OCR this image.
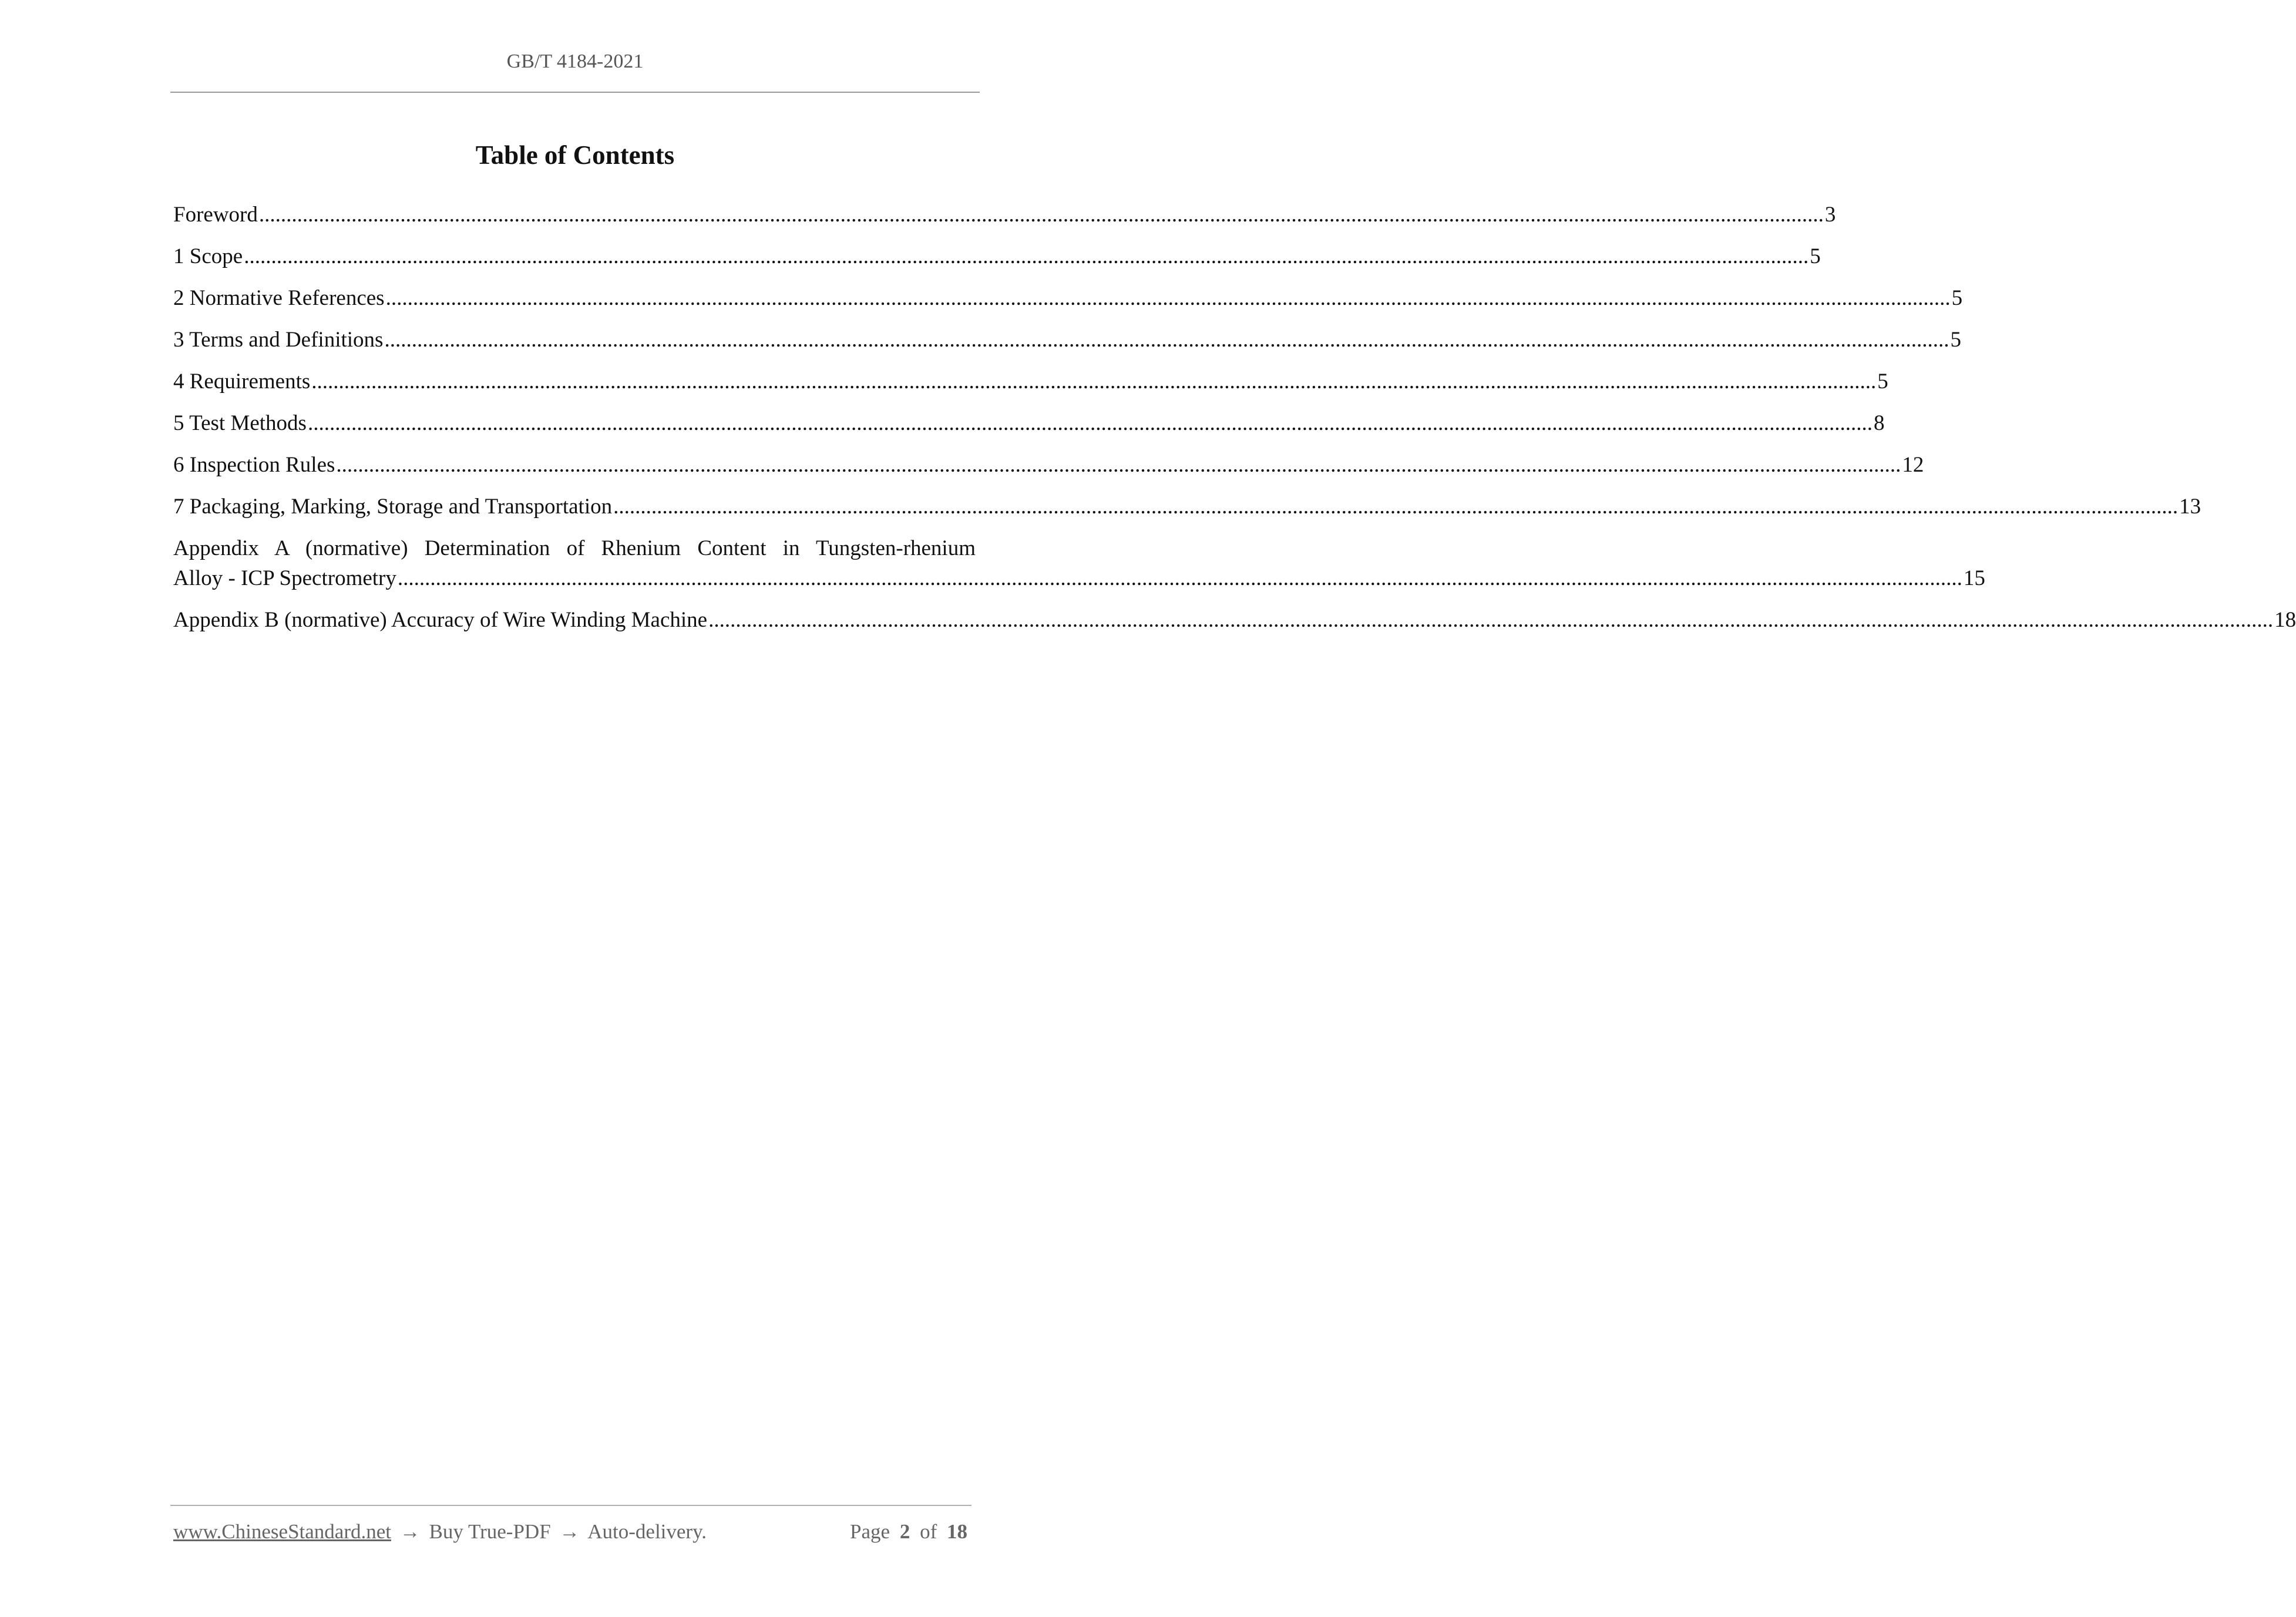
GB/T 4184-2021
Table of Contents
Foreword ................................................................................................................................................................................................................................................................................................ 3
1 Scope ................................................................................................................................................................................................................................................................................................ 5
2 Normative References ................................................................................................................................................................................................................................................................................................ 5
3 Terms and Definitions ................................................................................................................................................................................................................................................................................................ 5
4 Requirements ................................................................................................................................................................................................................................................................................................ 5
5 Test Methods ................................................................................................................................................................................................................................................................................................ 8
6 Inspection Rules ................................................................................................................................................................................................................................................................................................ 12
7 Packaging, Marking, Storage and Transportation ................................................................................................................................................................................................................................................................................................ 13
Appendix A (normative) Determination of Rhenium Content in Tungsten-rhenium
Alloy - ICP Spectrometry ................................................................................................................................................................................................................................................................................................ 15
Appendix B (normative) Accuracy of Wire Winding Machine ................................................................................................................................................................................................................................................................................................ 18
www.ChineseStandard.net → Buy True-PDF → Auto-delivery.	Page 2 of 18
